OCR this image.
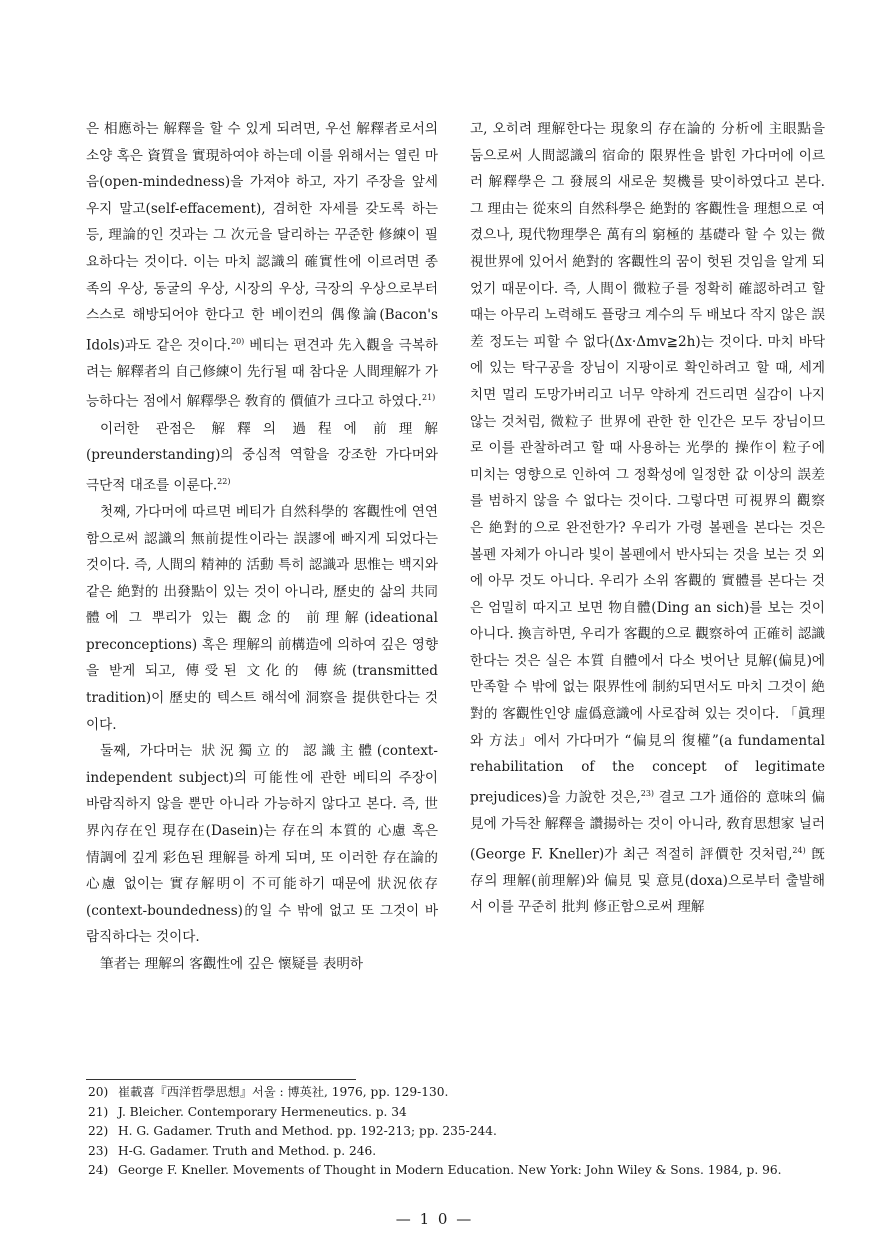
은 相應하는 解釋을 할 수 있게 되려면, 우선 解釋者로서의 소양 혹은 資質을 實現하여야 하는데 이를 위해서는 열린 마음(open-mindedness)을 가져야 하고, 자기 주장을 앞세우지 말고(self-effacement), 겸허한 자세를 갖도록 하는 등, 理論的인 것과는 그 次元을 달리하는 꾸준한 修練이 필요하다는 것이다. 이는 마치 認識의 確實性에 이르려면 종족의 우상, 동굴의 우상, 시장의 우상, 극장의 우상으로부터 스스로 해방되어야 한다고 한 베이컨의 偶像論(Bacon's Idols)과도 같은 것이다.$^{20)}$ 베티는 편견과 先入觀을 극복하려는 解釋者의 自己修練이 先行될 때 참다운 人間理解가 가능하다는 점에서 解釋學은 敎育的 價値가 크다고 하였다.$^{21)}$

이러한 관점은 解釋의 過程에 前理解(preunderstanding)의 중심적 역할을 강조한 가다머와 극단적 대조를 이룬다.$^{22)}$

첫째, 가다머에 따르면 베티가 自然科學的 客觀性에 연연함으로써 認識의 無前提性이라는 誤謬에 빠지게 되었다는 것이다. 즉, 人間의 精神的 活動 특히 認識과 思惟는 백지와 같은 絶對的 出發點이 있는 것이 아니라, 歷史的 삶의 共同體에 그 뿌리가 있는 觀念的 前理解(ideational preconceptions) 혹은 理解의 前構造에 의하여 깊은 영향을 받게 되고, 傳受된 文化的 傳統(transmitted tradition)이 歷史的 텍스트 해석에 洞察을 提供한다는 것이다.

둘째, 가다머는 狀況獨立的 認識主體(context-independent subject)의 可能性에 관한 베티의 주장이 바람직하지 않을 뿐만 아니라 가능하지 않다고 본다. 즉, 世界內存在인 現存在(Dasein)는 存在의 本質的 心慮 혹은 情調에 깊게 彩色된 理解를 하게 되며, 또 이러한 存在論的 心慮 없이는 實存解明이 不可能하기 때문에 狀況依存(context-boundedness)的일 수 밖에 없고 또 그것이 바람직하다는 것이다.

筆者는 理解의 客觀性에 깊은 懷疑를 表明하

고, 오히려 理解한다는 現象의 存在論的 分析에 主眼點을 둠으로써 人間認識의 宿命的 限界性을 밝힌 가다머에 이르러 解釋學은 그 發展의 새로운 契機를 맞이하였다고 본다. 그 理由는 從來의 自然科學은 絶對的 客觀性을 理想으로 여겼으나, 現代物理學은 萬有의 窮極的 基礎라 할 수 있는 微視世界에 있어서 絶對的 客觀性의 꿈이 헛된 것임을 알게 되었기 때문이다. 즉, 人間이 微粒子를 정확히 確認하려고 할 때는 아무리 노력해도 플랑크 계수의 두 배보다 작지 않은 誤差 정도는 피할 수 없다(Δx·Δmv≧2h)는 것이다. 마치 바닥에 있는 탁구공을 장님이 지팡이로 확인하려고 할 때, 세게 치면 멀리 도망가버리고 너무 약하게 건드리면 실감이 나지 않는 것처럼, 微粒子 世界에 관한 한 인간은 모두 장님이므로 이를 관찰하려고 할 때 사용하는 光學的 操作이 粒子에 미치는 영향으로 인하여 그 정확성에 일정한 값 이상의 誤差를 범하지 않을 수 없다는 것이다. 그렇다면 可視界의 觀察은 絶對的으로 완전한가? 우리가 가령 볼펜을 본다는 것은 볼펜 자체가 아니라 빛이 볼펜에서 반사되는 것을 보는 것 외에 아무 것도 아니다. 우리가 소위 客觀的 實體를 본다는 것은 엄밀히 따지고 보면 物自體(Ding an sich)를 보는 것이 아니다. 換言하면, 우리가 客觀的으로 觀察하여 正確히 認識한다는 것은 실은 本質 自體에서 다소 벗어난 見解(偏見)에 만족할 수 밖에 없는 限界性에 制約되면서도 마치 그것이 絶對的 客觀性인양 虛僞意識에 사로잡혀 있는 것이다. 「眞理와 方法」에서 가다머가 “偏見의 復權”(a fundamental rehabilitation of the concept of legitimate prejudices)을 力說한 것은,$^{23)}$ 결코 그가 通俗的 意味의 偏見에 가득찬 解釋을 讚揚하는 것이 아니라, 敎育思想家 닐러(George F. Kneller)가 최근 적절히 評價한 것처럼,$^{24)}$ 旣存의 理解(前理解)와 偏見 및 意見(doxa)으로부터 출발해서 이를 꾸준히 批判 修正함으로써 理解

20) 崔載喜『西洋哲學思想』서울 : 博英社, 1976, pp. 129-130.
21) J. Bleicher. Contemporary Hermeneutics. p. 34
22) H. G. Gadamer. Truth and Method. pp. 192-213; pp. 235-244.
23) H-G. Gadamer. Truth and Method. p. 246.
24) George F. Kneller. Movements of Thought in Modern Education. New York: John Wiley & Sons. 1984, p. 96.
— 1 0 —
